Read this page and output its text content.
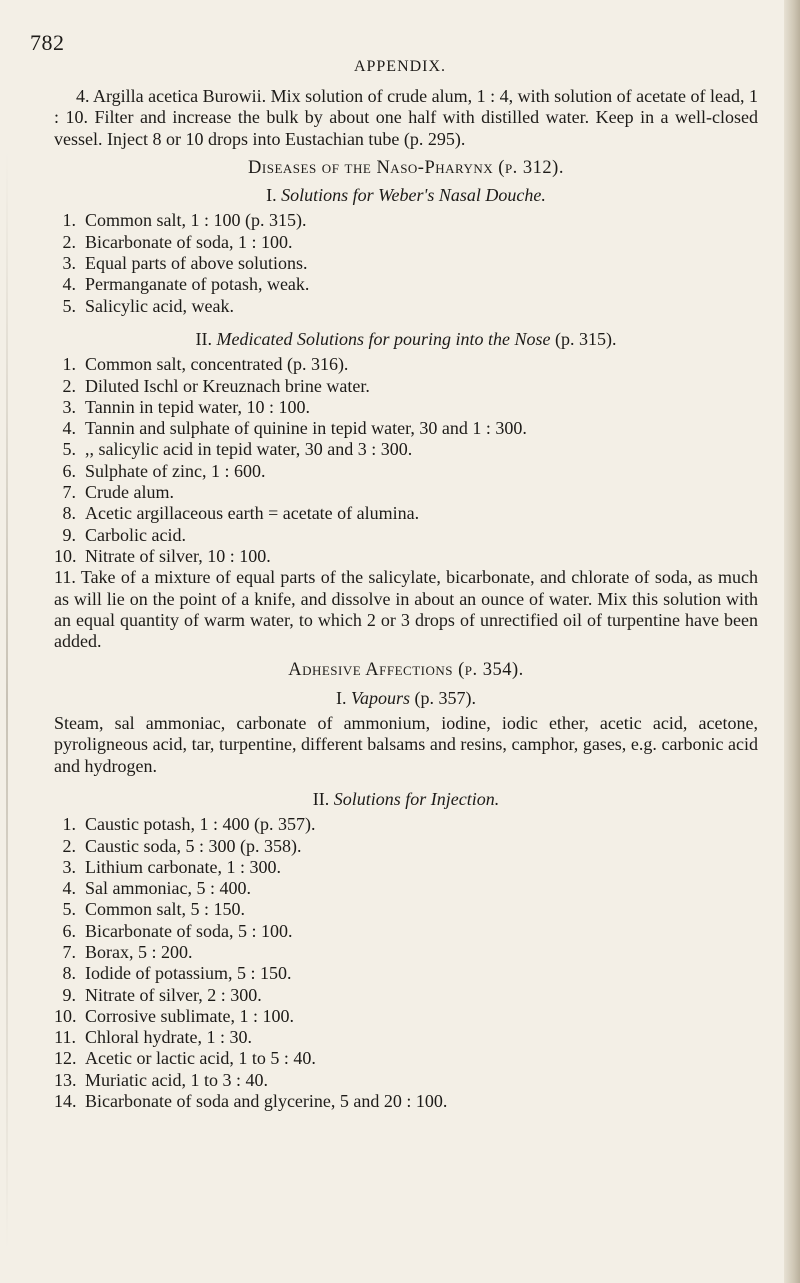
782
APPENDIX.

4. Argilla acetica Burowii. Mix solution of crude alum, 1 : 4, with solution of acetate of lead, 1 : 10. Filter and increase the bulk by about one half with distilled water. Keep in a well-closed vessel. Inject 8 or 10 drops into Eustachian tube (p. 295).

Diseases of the Naso-Pharynx (p. 312).
I. Solutions for Weber's Nasal Douche.
1. Common salt, 1 : 100 (p. 315).
2. Bicarbonate of soda, 1 : 100.
3. Equal parts of above solutions.
4. Permanganate of potash, weak.
5. Salicylic acid, weak.
II. Medicated Solutions for pouring into the Nose (p. 315).
1. Common salt, concentrated (p. 316).
2. Diluted Ischl or Kreuznach brine water.
3. Tannin in tepid water, 10 : 100.
4. Tannin and sulphate of quinine in tepid water, 30 and 1 : 300.
5. ,, salicylic acid in tepid water, 30 and 3 : 300.
6. Sulphate of zinc, 1 : 600.
7. Crude alum.
8. Acetic argillaceous earth = acetate of alumina.
9. Carbolic acid.
10. Nitrate of silver, 10 : 100.

11. Take of a mixture of equal parts of the salicylate, bicarbonate, and chlorate of soda, as much as will lie on the point of a knife, and dissolve in about an ounce of water. Mix this solution with an equal quantity of warm water, to which 2 or 3 drops of unrectified oil of turpentine have been added.

Adhesive Affections (p. 354).
I. Vapours (p. 357).

Steam, sal ammoniac, carbonate of ammonium, iodine, iodic ether, acetic acid, acetone, pyroligneous acid, tar, turpentine, different balsams and resins, camphor, gases, e.g. carbonic acid and hydrogen.

II. Solutions for Injection.
1. Caustic potash, 1 : 400 (p. 357).
2. Caustic soda, 5 : 300 (p. 358).
3. Lithium carbonate, 1 : 300.
4. Sal ammoniac, 5 : 400.
5. Common salt, 5 : 150.
6. Bicarbonate of soda, 5 : 100.
7. Borax, 5 : 200.
8. Iodide of potassium, 5 : 150.
9. Nitrate of silver, 2 : 300.
10. Corrosive sublimate, 1 : 100.
11. Chloral hydrate, 1 : 30.
12. Acetic or lactic acid, 1 to 5 : 40.
13. Muriatic acid, 1 to 3 : 40.
14. Bicarbonate of soda and glycerine, 5 and 20 : 100.
